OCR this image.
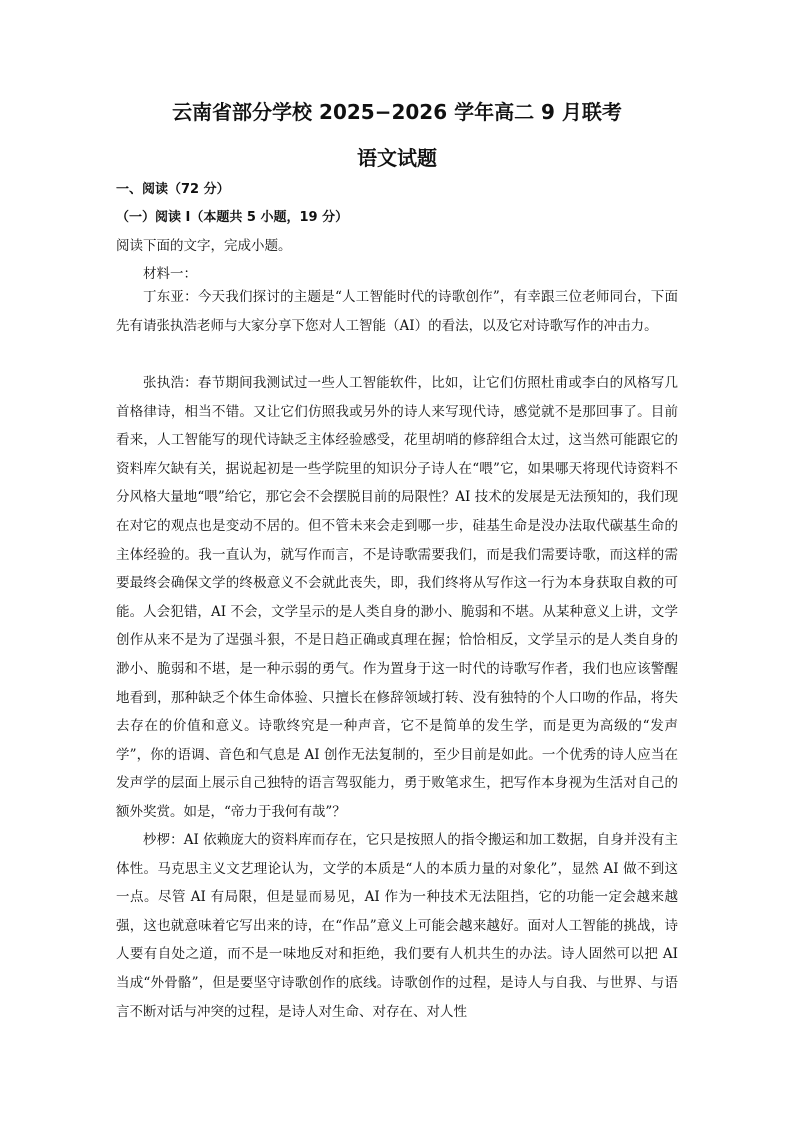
云南省部分学校 2025−2026 学年高二 9 月联考
语文试题
一、阅读（72 分）
（一）阅读 I（本题共 5 小题，19 分）
阅读下面的文字，完成小题。
材料一：

丁东亚：今天我们探讨的主题是“人工智能时代的诗歌创作”，有幸跟三位老师同台，下面先有请张执浩老师与大家分享下您对人工智能（AI）的看法，以及它对诗歌写作的冲击力。

张执浩：春节期间我测试过一些人工智能软件，比如，让它们仿照杜甫或李白的风格写几首格律诗，相当不错。又让它们仿照我或另外的诗人来写现代诗，感觉就不是那回事了。目前看来，人工智能写的现代诗缺乏主体经验感受，花里胡哨的修辞组合太过，这当然可能跟它的资料库欠缺有关，据说起初是一些学院里的知识分子诗人在“喂”它，如果哪天将现代诗资料不分风格大量地“喂”给它，那它会不会摆脱目前的局限性？AI 技术的发展是无法预知的，我们现在对它的观点也是变动不居的。但不管未来会走到哪一步，硅基生命是没办法取代碳基生命的主体经验的。我一直认为，就写作而言，不是诗歌需要我们，而是我们需要诗歌，而这样的需要最终会确保文学的终极意义不会就此丧失，即，我们终将从写作这一行为本身获取自救的可能。人会犯错，AI 不会，文学呈示的是人类自身的渺小、脆弱和不堪。从某种意义上讲，文学创作从来不是为了逞强斗狠，不是日趋正确或真理在握；恰恰相反，文学呈示的是人类自身的渺小、脆弱和不堪，是一种示弱的勇气。作为置身于这一时代的诗歌写作者，我们也应该警醒地看到，那种缺乏个体生命体验、只擅长在修辞领域打转、没有独特的个人口吻的作品，将失去存在的价值和意义。诗歌终究是一种声音，它不是简单的发生学，而是更为高级的“发声学”，你的语调、音色和气息是 AI 创作无法复制的，至少目前是如此。一个优秀的诗人应当在发声学的层面上展示自己独特的语言驾驭能力，勇于败笔求生，把写作本身视为生活对自己的额外奖赏。如是，“帝力于我何有哉”？

杪椤：AI 依赖庞大的资料库而存在，它只是按照人的指令搬运和加工数据，自身并没有主体性。马克思主义文艺理论认为，文学的本质是“人的本质力量的对象化”，显然 AI 做不到这一点。尽管 AI 有局限，但是显而易见，AI 作为一种技术无法阻挡，它的功能一定会越来越强，这也就意味着它写出来的诗，在“作品”意义上可能会越来越好。面对人工智能的挑战，诗人要有自处之道，而不是一味地反对和拒绝，我们要有人机共生的办法。诗人固然可以把 AI 当成“外骨骼”，但是要坚守诗歌创作的底线。诗歌创作的过程，是诗人与自我、与世界、与语言不断对话与冲突的过程，是诗人对生命、对存在、对人性
